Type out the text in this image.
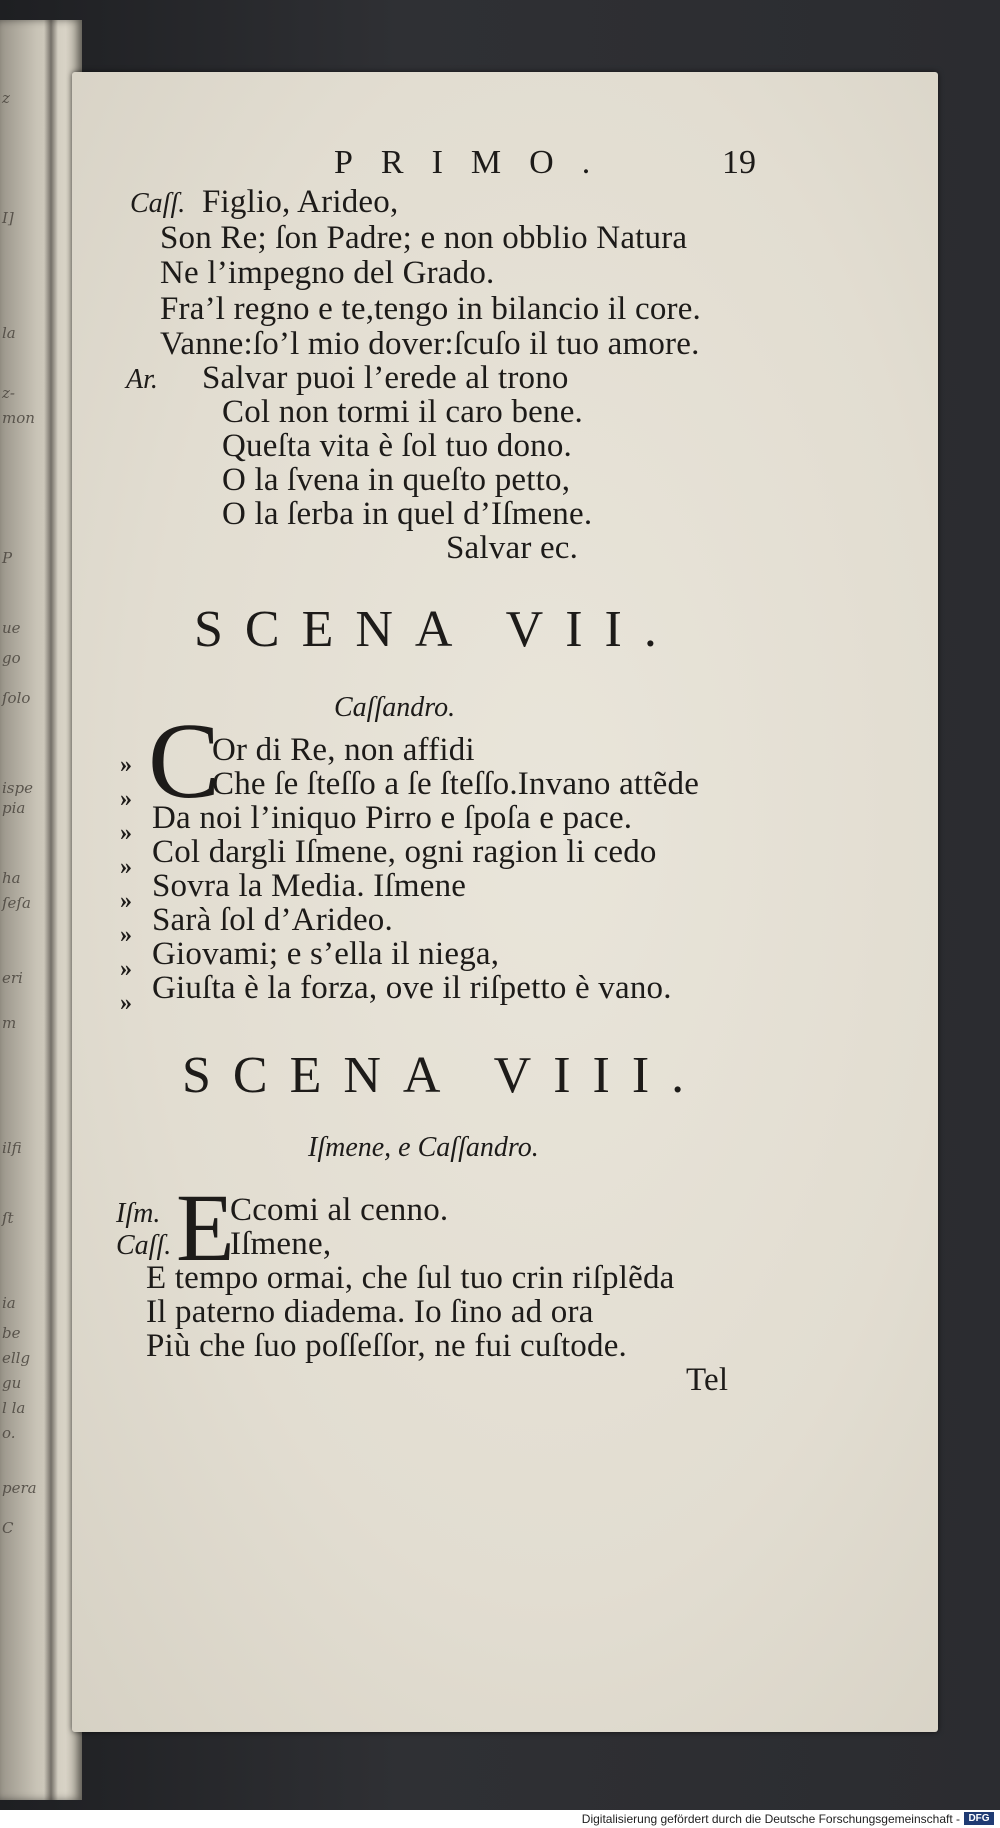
z
I]
la
z-
mon
P
ue
go
ſolo
ispe
pia
ha
ſeſa
eri
m
ilfi
ſt
ia
be
ellg
gu
l la
o.
pera
C
PRIMO.	19
Caſſ. Figlio, Arideo,
Son Re; ſon Padre; e non obblio Natura
Ne l’impegno del Grado.
Fra’l regno e te,tengo in bilancio il core.
Vanne:ſo’l mio dover:ſcuſo il tuo amore.
Ar. Salvar puoi l’erede al trono
Col non tormi il caro bene.
Queſta vita è ſol tuo dono.
O la ſvena in queſto petto,
O la ſerba in quel d’Iſmene.
Salvar ec.
SCENA VII.
Caſſandro.
»
»
»
»
»
»
»
»
C
Or di Re, non affidi
Che ſe ſteſſo a ſe ſteſſo.Invano attẽde
Da noi l’iniquo Pirro e ſpoſa e pace.
Col dargli Iſmene, ogni ragion li cedo
Sovra la Media. Iſmene
Sarà ſol d’Arideo.
Giovami; e s’ella il niega,
Giuſta è la forza, ove il riſpetto è vano.
SCENA VIII.
Iſmene, e Caſſandro.
Iſm. E
Ccomi al cenno.
Caſſ. Iſmene,
E tempo ormai, che ſul tuo crin riſplẽda
Il paterno diadema. Io ſino ad ora
Più che ſuo poſſeſſor, ne fui cuſtode.
Tel
Digitalisierung gefördert durch die Deutsche Forschungsgemeinschaft - DFG
